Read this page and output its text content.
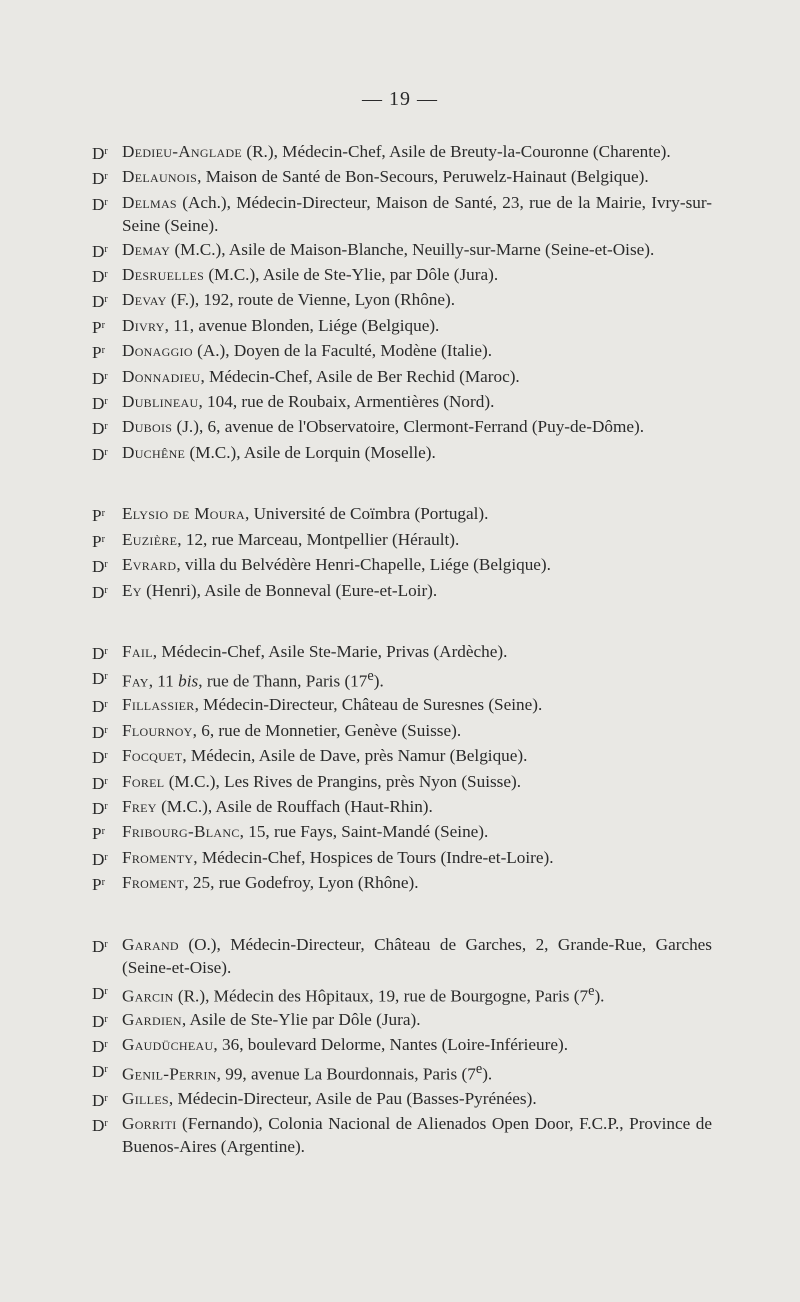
— 19 —
$D^r$ Dedieu-Anglade (R.), Médecin-Chef, Asile de Breuty-la-Couronne (Charente).
$D^r$ Delaunois, Maison de Santé de Bon-Secours, Peruwelz-Hainaut (Belgique).
$D^r$ Delmas (Ach.), Médecin-Directeur, Maison de Santé, 23, rue de la Mairie, Ivry-sur-Seine (Seine).
$D^r$ Demay (M.C.), Asile de Maison-Blanche, Neuilly-sur-Marne (Seine-et-Oise).
$D^r$ Desruelles (M.C.), Asile de Ste-Ylie, par Dôle (Jura).
$D^r$ Devay (F.), 192, route de Vienne, Lyon (Rhône).
$P^r$ Divry, 11, avenue Blonden, Liége (Belgique).
$P^r$ Donaggio (A.), Doyen de la Faculté, Modène (Italie).
$D^r$ Donnadieu, Médecin-Chef, Asile de Ber Rechid (Maroc).
$D^r$ Dublineau, 104, rue de Roubaix, Armentières (Nord).
$D^r$ Dubois (J.), 6, avenue de l'Observatoire, Clermont-Ferrand (Puy-de-Dôme).
$D^r$ Duchêne (M.C.), Asile de Lorquin (Moselle).
$P^r$ Elysio de Moura, Université de Coïmbra (Portugal).
$P^r$ Euzière, 12, rue Marceau, Montpellier (Hérault).
$D^r$ Evrard, villa du Belvédère Henri-Chapelle, Liége (Belgique).
$D^r$ Ey (Henri), Asile de Bonneval (Eure-et-Loir).
$D^r$ Fail, Médecin-Chef, Asile Ste-Marie, Privas (Ardèche).
$D^r$ Fay, 11 bis, rue de Thann, Paris (17e).
$D^r$ Fillassier, Médecin-Directeur, Château de Suresnes (Seine).
$D^r$ Flournoy, 6, rue de Monnetier, Genève (Suisse).
$D^r$ Focquet, Médecin, Asile de Dave, près Namur (Belgique).
$D^r$ Forel (M.C.), Les Rives de Prangins, près Nyon (Suisse).
$D^r$ Frey (M.C.), Asile de Rouffach (Haut-Rhin).
$P^r$ Fribourg-Blanc, 15, rue Fays, Saint-Mandé (Seine).
$D^r$ Fromenty, Médecin-Chef, Hospices de Tours (Indre-et-Loire).
$P^r$ Froment, 25, rue Godefroy, Lyon (Rhône).
$D^r$ Garand (O.), Médecin-Directeur, Château de Garches, 2, Grande-Rue, Garches (Seine-et-Oise).
$D^r$ Garcin (R.), Médecin des Hôpitaux, 19, rue de Bourgogne, Paris (7e).
$D^r$ Gardien, Asile de Ste-Ylie par Dôle (Jura).
$D^r$ Gaudücheau, 36, boulevard Delorme, Nantes (Loire-Inférieure).
$D^r$ Genil-Perrin, 99, avenue La Bourdonnais, Paris (7e).
$D^r$ Gilles, Médecin-Directeur, Asile de Pau (Basses-Pyrénées).
$D^r$ Gorriti (Fernando), Colonia Nacional de Alienados Open Door, F.C.P., Province de Buenos-Aires (Argentine).
